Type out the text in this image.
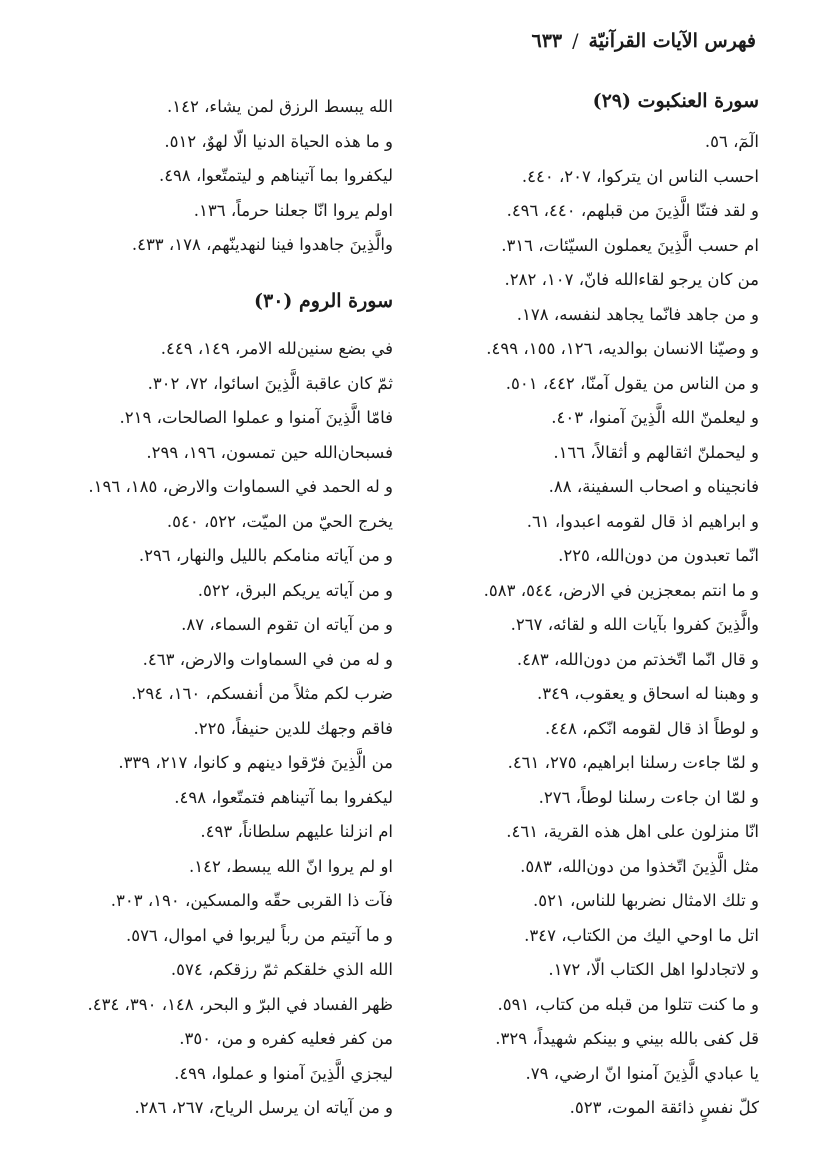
فهرس الآيات القرآنيّة/٦٣٣
سورة العنكبوت (٢٩)
الٓمٓ، ٥٦.
احسب الناس ان يتركوا، ٢٠٧، ٤٤٠.
و لقد فتنّا الَّذِينَ من قبلهم، ٤٤٠، ٤٩٦.
ام حسب الَّذِينَ يعملون السيّئات، ٣١٦.
من كان يرجو لقاءالله فانّ، ١٠٧، ٢٨٢.
و من جاهد فانّما يجاهد لنفسه، ١٧٨.
و وصيّنا الانسان بوالديه، ١٢٦، ١٥٥، ٤٩٩.
و من الناس من يقول آمنّا، ٤٤٢، ٥٠١.
و ليعلمنّ الله الَّذِينَ آمنوا، ٤٠٣.
و ليحملنّ اثقالهم و أثقالاً، ١٦٦.
فانجيناه و اصحاب السفينة، ٨٨.
و ابراهيم اذ قال لقومه اعبدوا، ٦١.
انّما تعبدون من دون‌الله، ٢٢٥.
و ما انتم بمعجزين في الارض، ٥٤٤، ٥٨٣.
والَّذِينَ كفروا بآيات الله و لقائه، ٢٦٧.
و قال انّما اتّخذتم من دون‌الله، ٤٨٣.
و وهبنا له اسحاق و يعقوب، ٣٤٩.
و لوطاً اذ قال لقومه انّكم، ٤٤٨.
و لمّا جاءت رسلنا ابراهيم، ٢٧٥، ٤٦١.
و لمّا ان جاءت رسلنا لوطاً، ٢٧٦.
انّا منزلون على اهل هذه القرية، ٤٦١.
مثل الَّذِينَ اتّخذوا من دون‌الله، ٥٨٣.
و تلك الامثال نضربها للناس، ٥٢١.
اتل ما اوحي اليك من الكتاب، ٣٤٧.
و لاتجادلوا اهل الكتاب الّا، ١٧٢.
و ما كنت تتلوا من قبله من كتاب، ٥٩١.
قل كفى بالله بيني و بينكم شهيداً، ٣٢٩.
يا عبادي الَّذِينَ آمنوا انّ ارضي، ٧٩.
كلّ نفسٍ ذائقة الموت، ٥٢٣.
الله يبسط الرزق لمن يشاء، ١٤٢.
و ما هذه الحياة الدنيا الّا لهوٌ، ٥١٢.
ليكفروا بما آتيناهم و ليتمتّعوا، ٤٩٨.
اولم يروا انّا جعلنا حرماً، ١٣٦.
والَّذِينَ جاهدوا فينا لنهدينّهم، ١٧٨، ٤٣٣.
سورة الروم (٣٠)
في بضع سنين‌لله الامر، ١٤٩، ٤٤٩.
ثمّ كان عاقبة الَّذِينَ اسائوا، ٧٢، ٣٠٢.
فامّا الَّذِينَ آمنوا و عملوا الصالحات، ٢١٩.
فسبحان‌الله حين تمسون، ١٩٦، ٢٩٩.
و له الحمد في السماوات والارض، ١٨٥، ١٩٦.
يخرج الحيّ من الميّت، ٥٢٢، ٥٤٠.
و من آياته منامكم بالليل والنهار، ٢٩٦.
و من آياته يريكم البرق، ٥٢٢.
و من آياته ان تقوم السماء، ٨٧.
و له من في السماوات والارض، ٤٦٣.
ضرب لكم مثلاً من أنفسكم، ١٦٠، ٢٩٤.
فاقم وجهك للدين حنيفاً، ٢٢٥.
من الَّذِينَ فرّقوا دينهم و كانوا، ٢١٧، ٣٣٩.
ليكفروا بما آتيناهم فتمتّعوا، ٤٩٨.
ام انزلنا عليهم سلطاناً، ٤٩٣.
او لم يروا انّ الله يبسط، ١٤٢.
فآت ذا القربى حقّه والمسكين، ١٩٠، ٣٠٣.
و ما آتيتم من رباً ليربوا في اموال، ٥٧٦.
الله الذي خلقكم ثمّ رزقكم، ٥٧٤.
ظهر الفساد في البرّ و البحر، ١٤٨، ٣٩٠، ٤٣٤.
من كفر فعليه كفره و من، ٣٥٠.
ليجزي الَّذِينَ آمنوا و عملوا، ٤٩٩.
و من آياته ان يرسل الرياح، ٢٦٧، ٢٨٦.
